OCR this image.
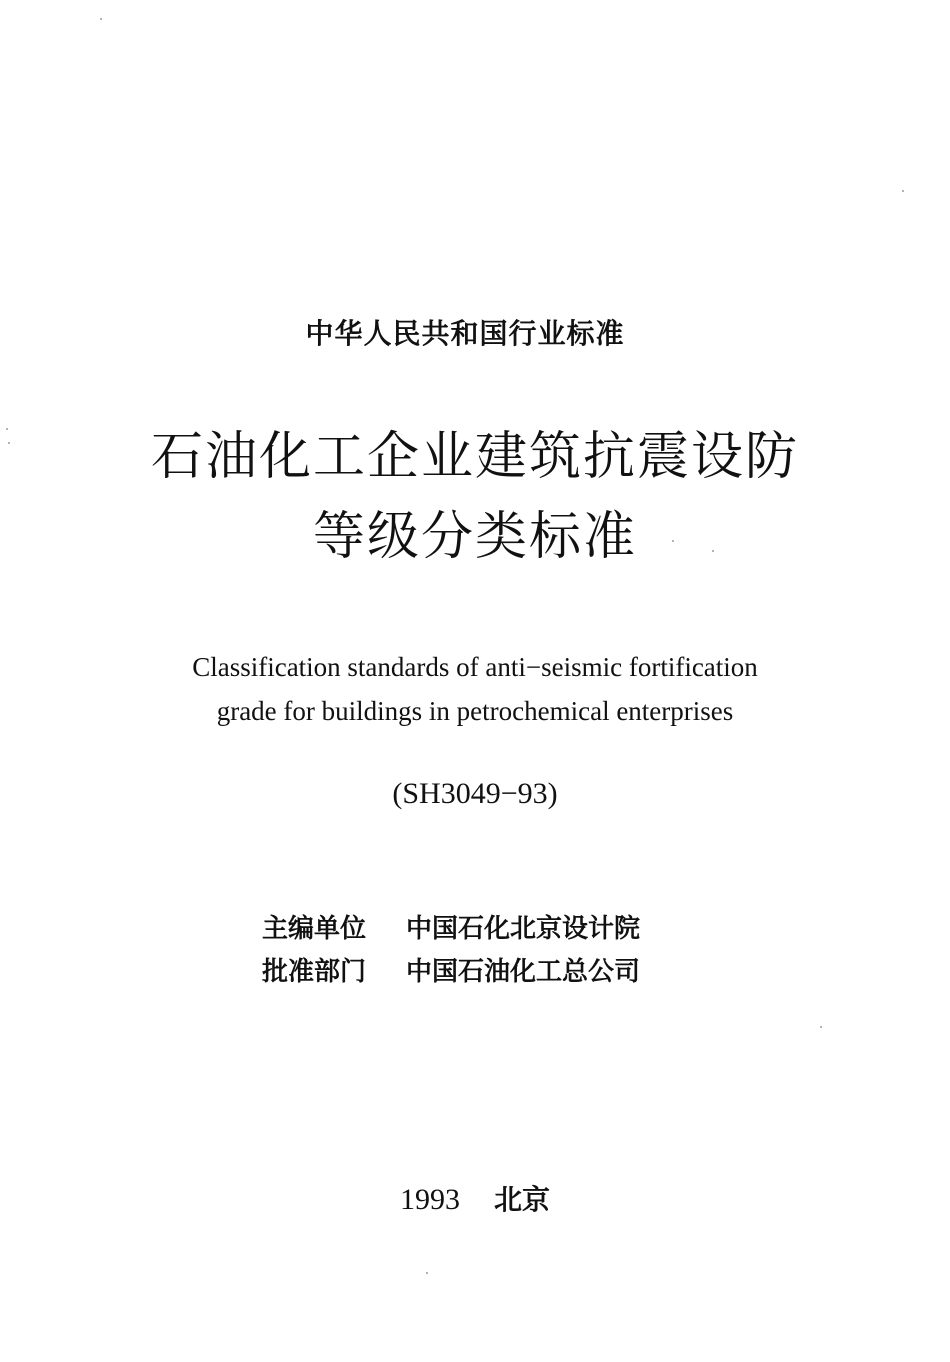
中华人民共和国行业标准
石油化工企业建筑抗震设防
等级分类标准
Classification standards of anti−seismic fortification
grade for buildings in petrochemical enterprises
(SH3049−93)
主编单位 中国石化北京设计院
批准部门 中国石油化工总公司
1993 北京
